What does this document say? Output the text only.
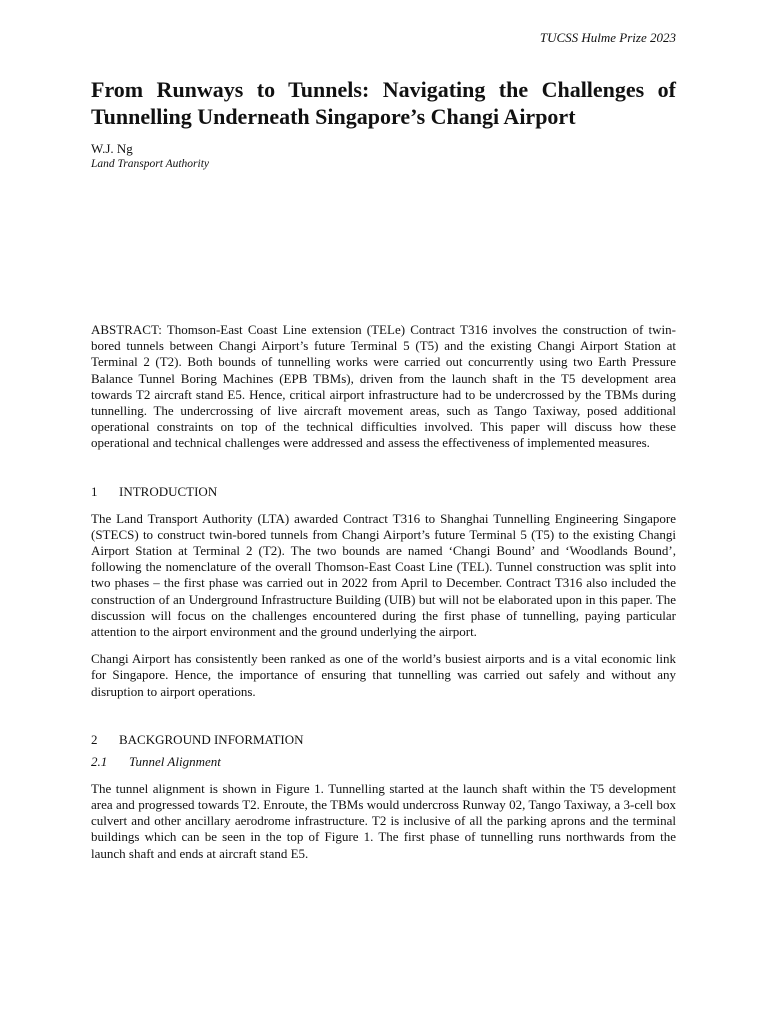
TUCSS Hulme Prize 2023
From Runways to Tunnels: Navigating the Challenges of Tunnelling Underneath Singapore’s Changi Airport
W.J. Ng
Land Transport Authority

ABSTRACT: Thomson-East Coast Line extension (TELe) Contract T316 involves the construction of twin-bored tunnels between Changi Airport’s future Terminal 5 (T5) and the existing Changi Airport Station at Terminal 2 (T2). Both bounds of tunnelling works were carried out concurrently using two Earth Pressure Balance Tunnel Boring Machines (EPB TBMs), driven from the launch shaft in the T5 development area towards T2 aircraft stand E5. Hence, critical airport infrastructure had to be undercrossed by the TBMs during tunnelling. The undercrossing of live aircraft movement areas, such as Tango Taxiway, posed additional operational constraints on top of the technical difficulties involved. This paper will discuss how these operational and technical challenges were addressed and assess the effectiveness of implemented measures.

1	INTRODUCTION

The Land Transport Authority (LTA) awarded Contract T316 to Shanghai Tunnelling Engineering Singapore (STECS) to construct twin-bored tunnels from Changi Airport’s future Terminal 5 (T5) to the existing Changi Airport Station at Terminal 2 (T2). The two bounds are named ‘Changi Bound’ and ‘Woodlands Bound’, following the nomenclature of the overall Thomson-East Coast Line (TEL). Tunnel construction was split into two phases – the first phase was carried out in 2022 from April to December. Contract T316 also included the construction of an Underground Infrastructure Building (UIB) but will not be elaborated upon in this paper. The discussion will focus on the challenges encountered during the first phase of tunnelling, paying particular attention to the airport environment and the ground underlying the airport.

Changi Airport has consistently been ranked as one of the world’s busiest airports and is a vital economic link for Singapore. Hence, the importance of ensuring that tunnelling was carried out safely and without any disruption to airport operations.

2	BACKGROUND INFORMATION
2.1	Tunnel Alignment

The tunnel alignment is shown in Figure 1. Tunnelling started at the launch shaft within the T5 development area and progressed towards T2. Enroute, the TBMs would undercross Runway 02, Tango Taxiway, a 3-cell box culvert and other ancillary aerodrome infrastructure. T2 is inclusive of all the parking aprons and the terminal buildings which can be seen in the top of Figure 1. The first phase of tunnelling runs northwards from the launch shaft and ends at aircraft stand E5.
